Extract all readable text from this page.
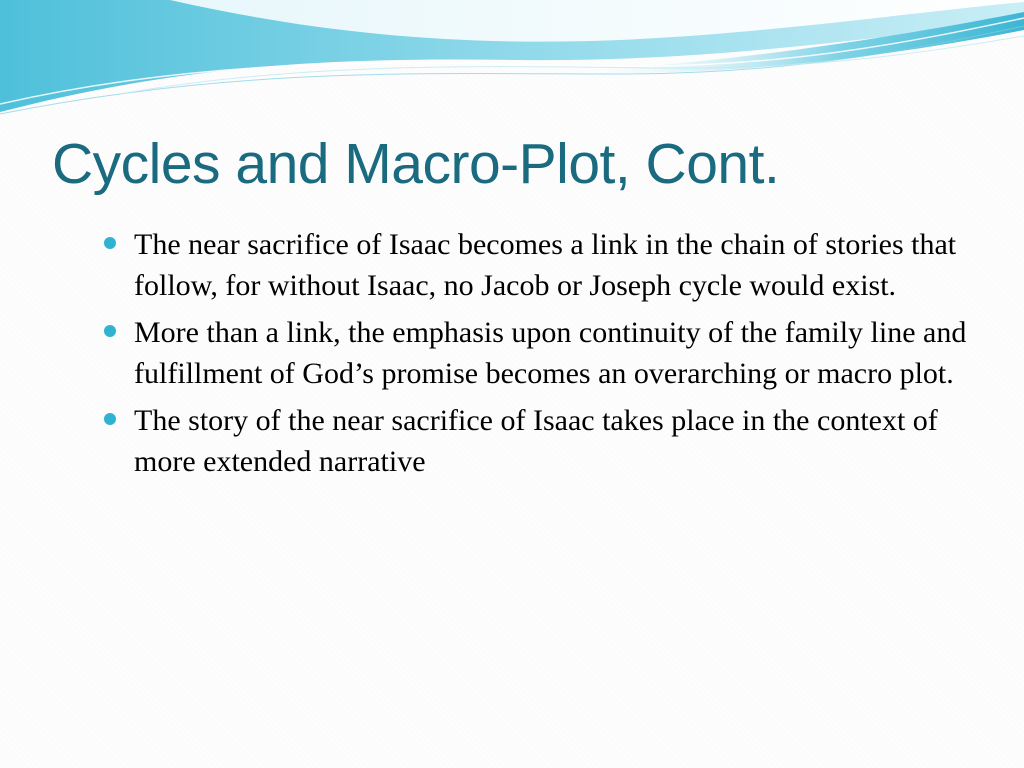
Cycles and Macro-Plot, Cont.
The near sacrifice of Isaac becomes a link in the chain of stories that follow, for without Isaac, no Jacob or Joseph cycle would exist.
More than a link, the emphasis upon continuity of the family line and fulfillment of God’s promise becomes an overarching or macro plot.
The story of the near sacrifice of Isaac takes place in the context of more extended narrative
